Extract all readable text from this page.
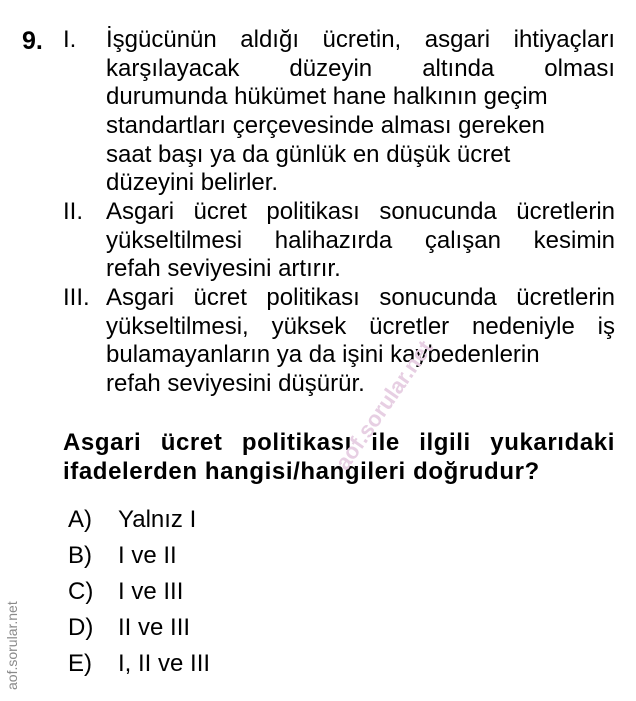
9. I. İşgücünün aldığı ücretin, asgari ihtiyaçları
karşılayacak düzeyin altında olması
durumunda hükümet hane halkının geçim
standartları çerçevesinde alması gereken
saat başı ya da günlük en düşük ücret
düzeyini belirler.
II. Asgari ücret politikası sonucunda ücretlerin
yükseltilmesi halihazırda çalışan kesimin
refah seviyesini artırır.
III. Asgari ücret politikası sonucunda ücretlerin
yükseltilmesi, yüksek ücretler nedeniyle iş
bulamayanların ya da işini kaybedenlerin
refah seviyesini düşürür.
Asgari ücret politikası ile ilgili yukarıdaki
ifadelerden hangisi/hangileri doğrudur?
A) Yalnız I
B) I ve II
C) I ve III
D) II ve III
E) I, II ve III
aof.sorular.net
aof.sorular.net
